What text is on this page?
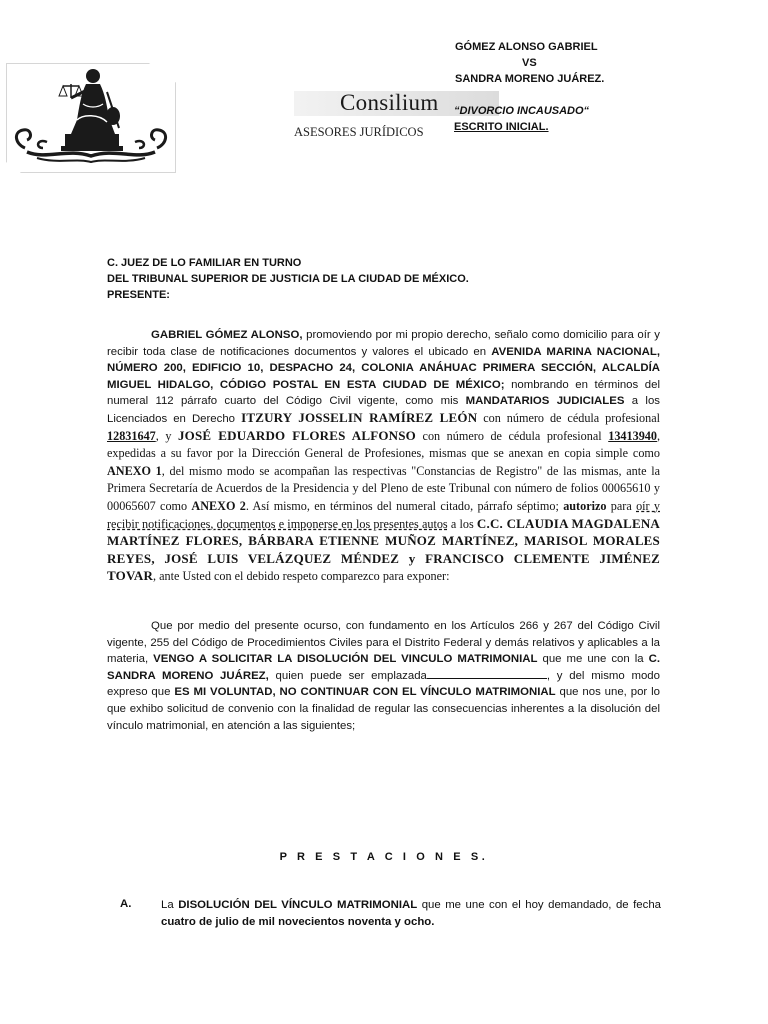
Consilium
ASESORES JURÍDICOS
GÓMEZ ALONSO GABRIEL
VS
SANDRA MORENO JUÁREZ.
“DIVORCIO INCAUSADO“
ESCRITO INICIAL.
C. JUEZ DE LO FAMILIAR EN TURNO
DEL TRIBUNAL SUPERIOR DE JUSTICIA DE LA CIUDAD DE MÉXICO.
PRESENTE:

GABRIEL GÓMEZ ALONSO, promoviendo por mi propio derecho, señalo como domicilio para oír y recibir toda clase de notificaciones documentos y valores el ubicado en AVENIDA MARINA NACIONAL, NÚMERO 200, EDIFICIO 10, DESPACHO 24, COLONIA ANÁHUAC PRIMERA SECCIÓN, ALCALDÍA MIGUEL HIDALGO, CÓDIGO POSTAL EN ESTA CIUDAD DE MÉXICO; nombrando en términos del numeral 112 párrafo cuarto del Código Civil vigente, como mis MANDATARIOS JUDICIALES a los Licenciados en Derecho ITZURY JOSSELIN RAMÍREZ LEÓN con número de cédula profesional 12831647, y JOSÉ EDUARDO FLORES ALFONSO con número de cédula profesional 13413940, expedidas a su favor por la Dirección General de Profesiones, mismas que se anexan en copia simple como ANEXO 1, del mismo modo se acompañan las respectivas "Constancias de Registro" de las mismas, ante la Primera Secretaría de Acuerdos de la Presidencia y del Pleno de este Tribunal con número de folios 00065610 y 00065607 como ANEXO 2. Así mismo, en términos del numeral citado, párrafo séptimo; autorizo para oír y recibir notificaciones, documentos e imponerse en los presentes autos a los C.C. CLAUDIA MAGDALENA MARTÍNEZ FLORES, BÁRBARA ETIENNE MUÑOZ MARTÍNEZ, MARISOL MORALES REYES, JOSÉ LUIS VELÁZQUEZ MÉNDEZ y FRANCISCO CLEMENTE JIMÉNEZ TOVAR, ante Usted con el debido respeto comparezco para exponer:

Que por medio del presente ocurso, con fundamento en los Artículos 266 y 267 del Código Civil vigente, 255 del Código de Procedimientos Civiles para el Distrito Federal y demás relativos y aplicables a la materia, VENGO A SOLICITAR LA DISOLUCIÓN DEL VINCULO MATRIMONIAL que me une con la C. SANDRA MORENO JUÁREZ, quien puede ser emplazada	, y del mismo modo expreso que ES MI VOLUNTAD, NO CONTINUAR CON EL VÍNCULO MATRIMONIAL que nos une, por lo que exhibo solicitud de convenio con la finalidad de regular las consecuencias inherentes a la disolución del vínculo matrimonial, en atención a las siguientes;

P R E S T A C I O N E S.
A.	La DISOLUCIÓN DEL VÍNCULO MATRIMONIAL que me une con el hoy demandado, de fecha cuatro de julio de mil novecientos noventa y ocho.
